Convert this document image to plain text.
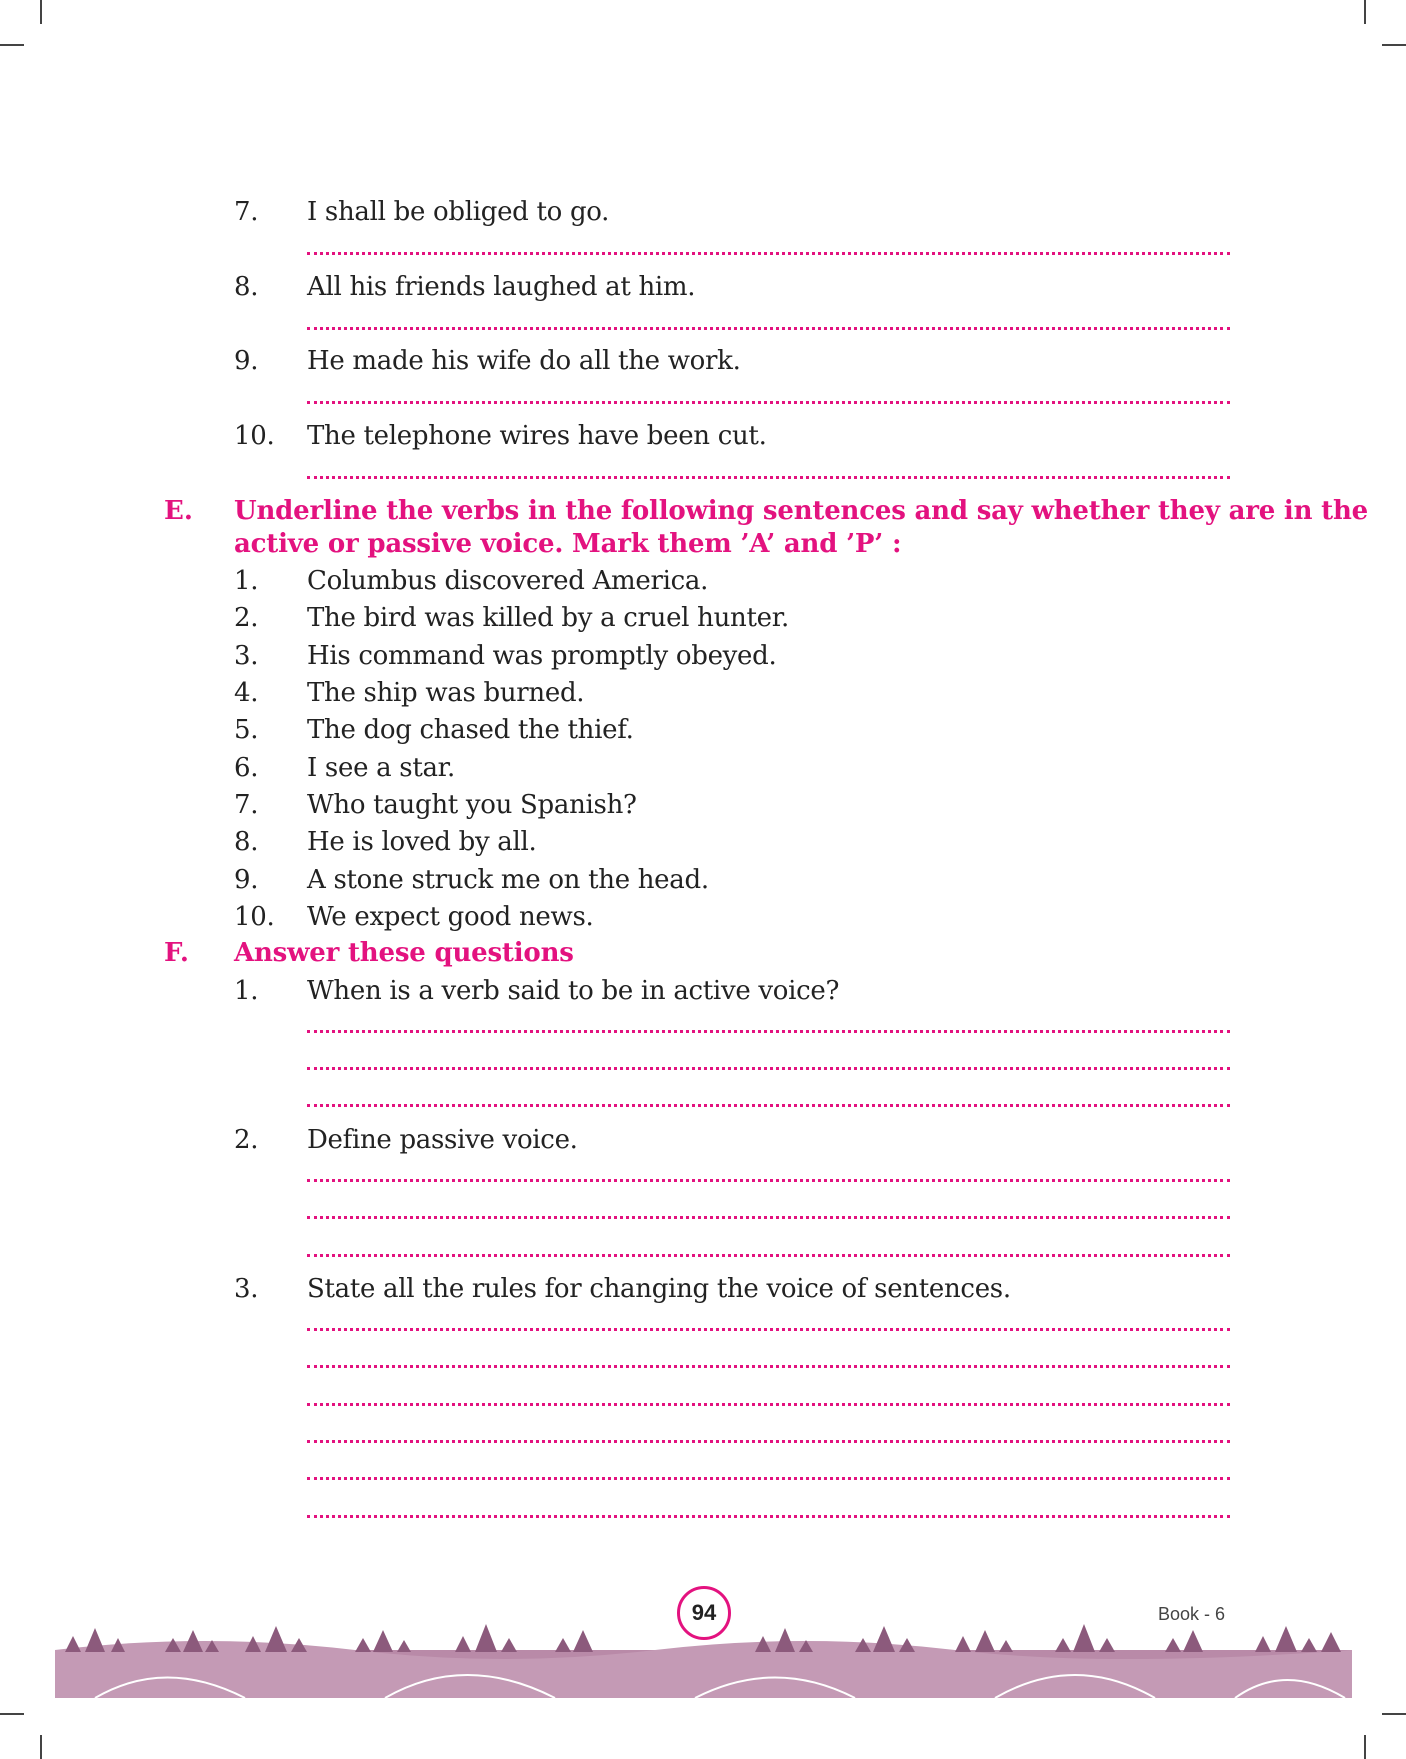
7. I shall be obliged to go.
8. All his friends laughed at him.
9. He made his wife do all the work.
10. The telephone wires have been cut.
E. Underline the verbs in the following sentences and say whether they are in the
active or passive voice. Mark them ’A’ and ’P’ :
1. Columbus discovered America.
2. The bird was killed by a cruel hunter.
3. His command was promptly obeyed.
4. The ship was burned.
5. The dog chased the thief.
6. I see a star.
7. Who taught you Spanish?
8. He is loved by all.
9. A stone struck me on the head.
10. We expect good news.
F. Answer these questions
1. When is a verb said to be in active voice?
2. Define passive voice.
3. State all the rules for changing the voice of sentences.
94	Book - 6
